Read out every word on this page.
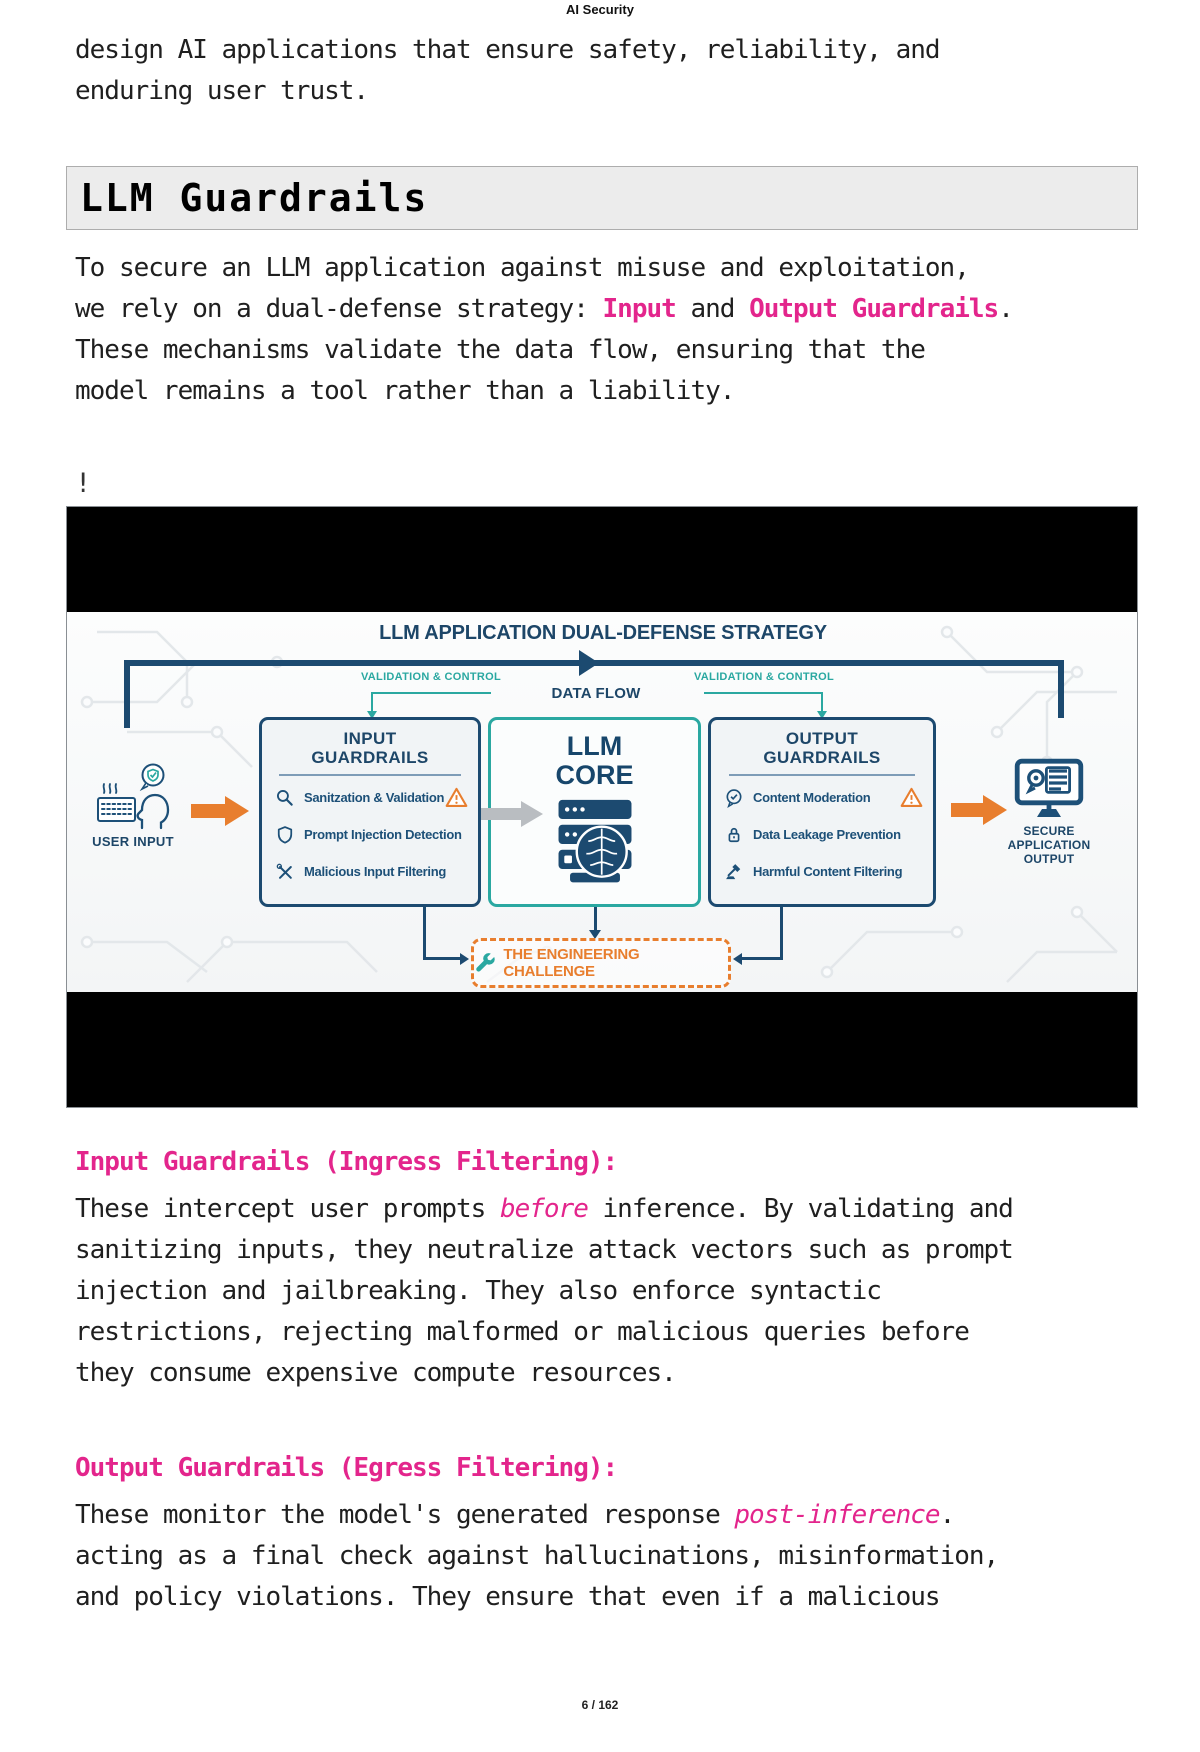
AI Security
design AI applications that ensure safety, reliability, and
enduring user trust.
LLM Guardrails
To secure an LLM application against misuse and exploitation,
we rely on a dual-defense strategy: Input and Output Guardrails.
These mechanisms validate the data flow, ensuring that the
model remains a tool rather than a liability.
!
LLM APPLICATION DUAL-DEFENSE STRATEGY
DATA FLOW
VALIDATION & CONTROL	VALIDATION & CONTROL
USER INPUT
INPUT
GUARDRAILS
Sanitzation & Validation
Prompt Injection Detection
Malicious Input Filtering
LLM
CORE
OUTPUT
GUARDRAILS
Content Moderation
Data Leakage Prevention
Harmful Content Filtering
SECURE
APPLICATION
OUTPUT
THE ENGINEERING CHALLENGE
Input Guardrails (Ingress Filtering):
These intercept user prompts before inference. By validating and
sanitizing inputs, they neutralize attack vectors such as prompt
injection and jailbreaking. They also enforce syntactic
restrictions, rejecting malformed or malicious queries before
they consume expensive compute resources.
Output Guardrails (Egress Filtering):
These monitor the model's generated response post-inference.
acting as a final check against hallucinations, misinformation,
and policy violations. They ensure that even if a malicious
6 / 162
